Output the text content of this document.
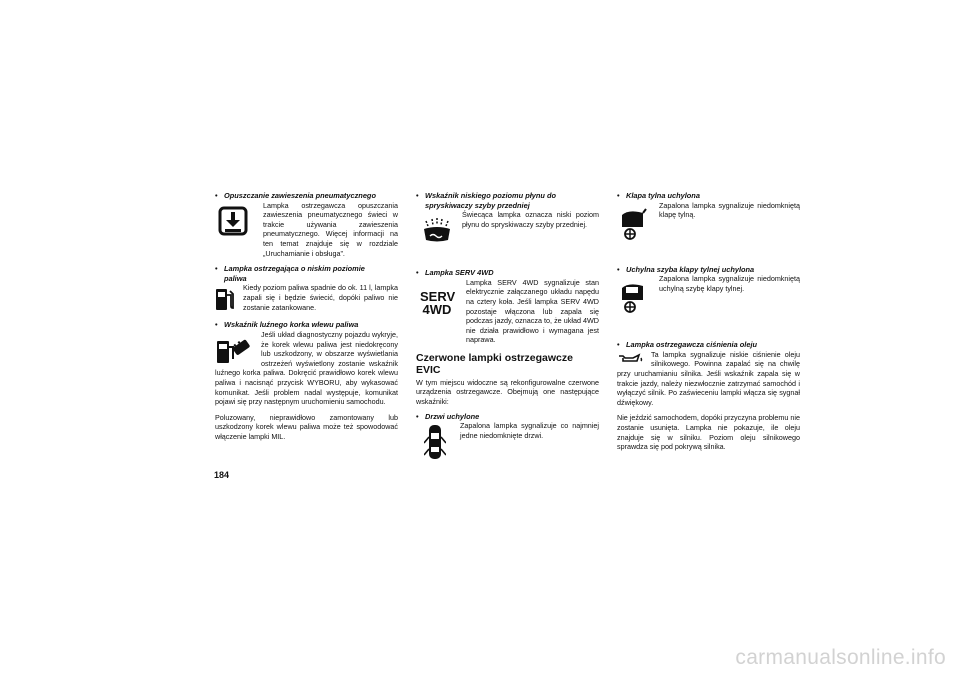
• Opuszczanie zawieszenia pneumatycznego
Lampka ostrzegawcza opuszczania zawieszenia pneumatycznego świeci w trakcie używania zawieszenia pneumatycznego. Więcej informacji na ten temat znajduje się w rozdziale „Uruchamianie i obsługa”.
• Lampka ostrzegająca o niskim poziomie
paliwa
Kiedy poziom paliwa spadnie do ok. 11 l, lampka zapali się i będzie świecić, dopóki paliwo nie zostanie zatankowane.
• Wskaźnik luźnego korka wlewu paliwa
Jeśli układ diagnostyczny pojazdu wykryje, że korek wlewu paliwa jest niedokręcony lub uszkodzony, w obszarze wyświetlania ostrzeżeń wyświetlony zostanie wskaźnik luźnego korka paliwa. Dokręcić prawidłowo korek wlewu paliwa i nacisnąć przycisk WYBORU, aby wykasować komunikat. Jeśli problem nadal występuje, komunikat pojawi się przy następnym uruchomieniu samochodu.

Poluzowany, nieprawidłowo zamontowany lub uszkodzony korek wlewu paliwa może też spowodować włączenie lampki MIL.

• Wskaźnik niskiego poziomu płynu do
spryskiwaczy szyby przedniej
Świecąca lampka oznacza niski poziom płynu do spryskiwaczy szyby przedniej.
• Lampka SERV 4WD
SERV
4WD
Lampka SERV 4WD sygnalizuje stan elektrycznie załączanego układu napędu na cztery koła. Jeśli lampka SERV 4WD pozostaje włączona lub zapala się podczas jazdy, oznacza to, że układ 4WD nie działa prawidłowo i wymagana jest naprawa.
Czerwone lampki ostrzegawcze EVIC

W tym miejscu widoczne są rekonfigurowalne czerwone urządzenia ostrzegawcze. Obejmują one następujące wskaźniki:

• Drzwi uchylone
Zapalona lampka sygnalizuje co najmniej jedne niedomknięte drzwi.
• Klapa tylna uchylona
Zapalona lampka sygnalizuje niedomkniętą klapę tylną.
• Uchylna szyba klapy tylnej uchylona
Zapalona lampka sygnalizuje niedomkniętą uchylną szybę klapy tylnej.
• Lampka ostrzegawcza ciśnienia oleju
Ta lampka sygnalizuje niskie ciśnienie oleju silnikowego. Powinna zapalać się na chwilę przy uruchamianiu silnika. Jeśli wskaźnik zapala się w trakcie jazdy, należy niezwłocznie zatrzymać samochód i wyłączyć silnik. Po zaświeceniu lampki włącza się sygnał dźwiękowy.

Nie jeździć samochodem, dopóki przyczyna problemu nie zostanie usunięta. Lampka nie pokazuje, ile oleju znajduje się w silniku. Poziom oleju silnikowego sprawdza się pod pokrywą silnika.

184
carmanualsonline.info
